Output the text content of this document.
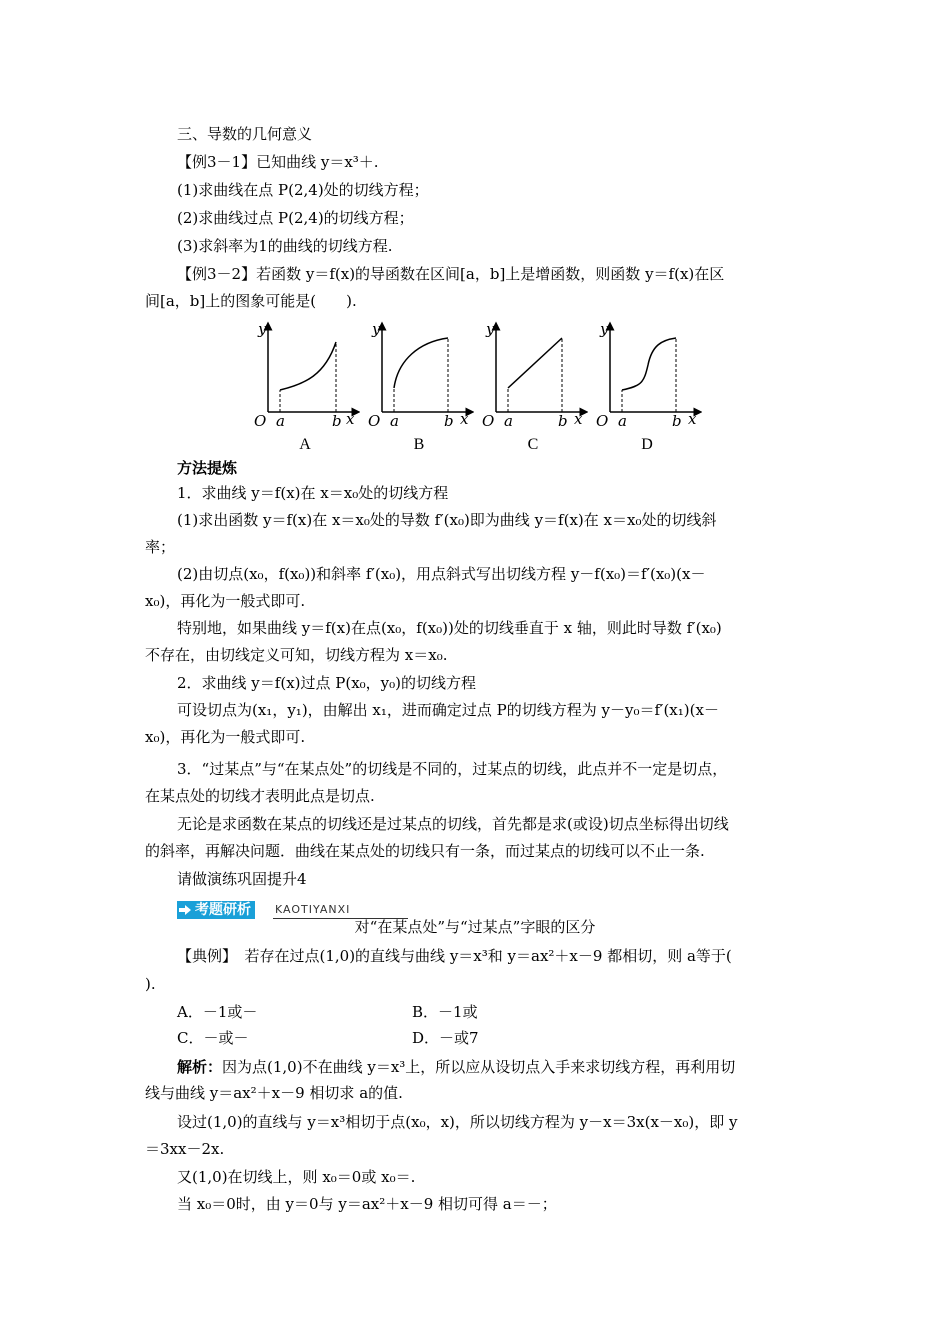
三、导数的几何意义
【例3－1】已知曲线 y＝x³＋.
(1)求曲线在点 P(2,4)处的切线方程；
(2)求曲线过点 P(2,4)的切线方程；
(3)求斜率为1的曲线的切线方程.
【例3－2】若函数 y＝f(x)的导函数在区间[a，b]上是增函数，则函数 y＝f(x)在区
间[a，b]上的图象可能是(　　).
y
O a	b x
A
y
O a	b x
B
y
O a	b x
C
y
O a	b x
D
方法提炼
1．求曲线 y＝f(x)在 x＝x₀处的切线方程
(1)求出函数 y＝f(x)在 x＝x₀处的导数 f′(x₀)即为曲线 y＝f(x)在 x＝x₀处的切线斜
率；
(2)由切点(x₀，f(x₀))和斜率 f′(x₀)，用点斜式写出切线方程 y－f(x₀)＝f′(x₀)(x－
x₀)，再化为一般式即可.
特别地，如果曲线 y＝f(x)在点(x₀，f(x₀))处的切线垂直于 x 轴，则此时导数 f′(x₀)
不存在，由切线定义可知，切线方程为 x＝x₀.
2．求曲线 y＝f(x)过点 P(x₀，y₀)的切线方程
可设切点为(x₁，y₁)，由解出 x₁，进而确定过点 P的切线方程为 y－y₀＝f′(x₁)(x－
x₀)，再化为一般式即可.
3．“过某点”与“在某点处”的切线是不同的，过某点的切线，此点并不一定是切点，
在某点处的切线才表明此点是切点.
无论是求函数在某点的切线还是过某点的切线，首先都是求(或设)切点坐标得出切线
的斜率，再解决问题．曲线在某点处的切线只有一条，而过某点的切线可以不止一条.
请做演练巩固提升4
考题研析	KAOTIYANXI
对“在某点处”与“过某点”字眼的区分
【典例】　若存在过点(1,0)的直线与曲线 y＝x³和 y＝ax²＋x－9 都相切，则 a等于(
).
A．－1或－	B．－1或
C．－或－	D．－或7
解析：因为点(1,0)不在曲线 y＝x³上，所以应从设切点入手来求切线方程，再利用切
线与曲线 y＝ax²＋x－9 相切求 a的值.
设过(1,0)的直线与 y＝x³相切于点(x₀，x)，所以切线方程为 y－x＝3x(x－x₀)，即 y
＝3xx－2x.
又(1,0)在切线上，则 x₀＝0或 x₀＝.
当 x₀＝0时，由 y＝0与 y＝ax²＋x－9 相切可得 a＝－；
